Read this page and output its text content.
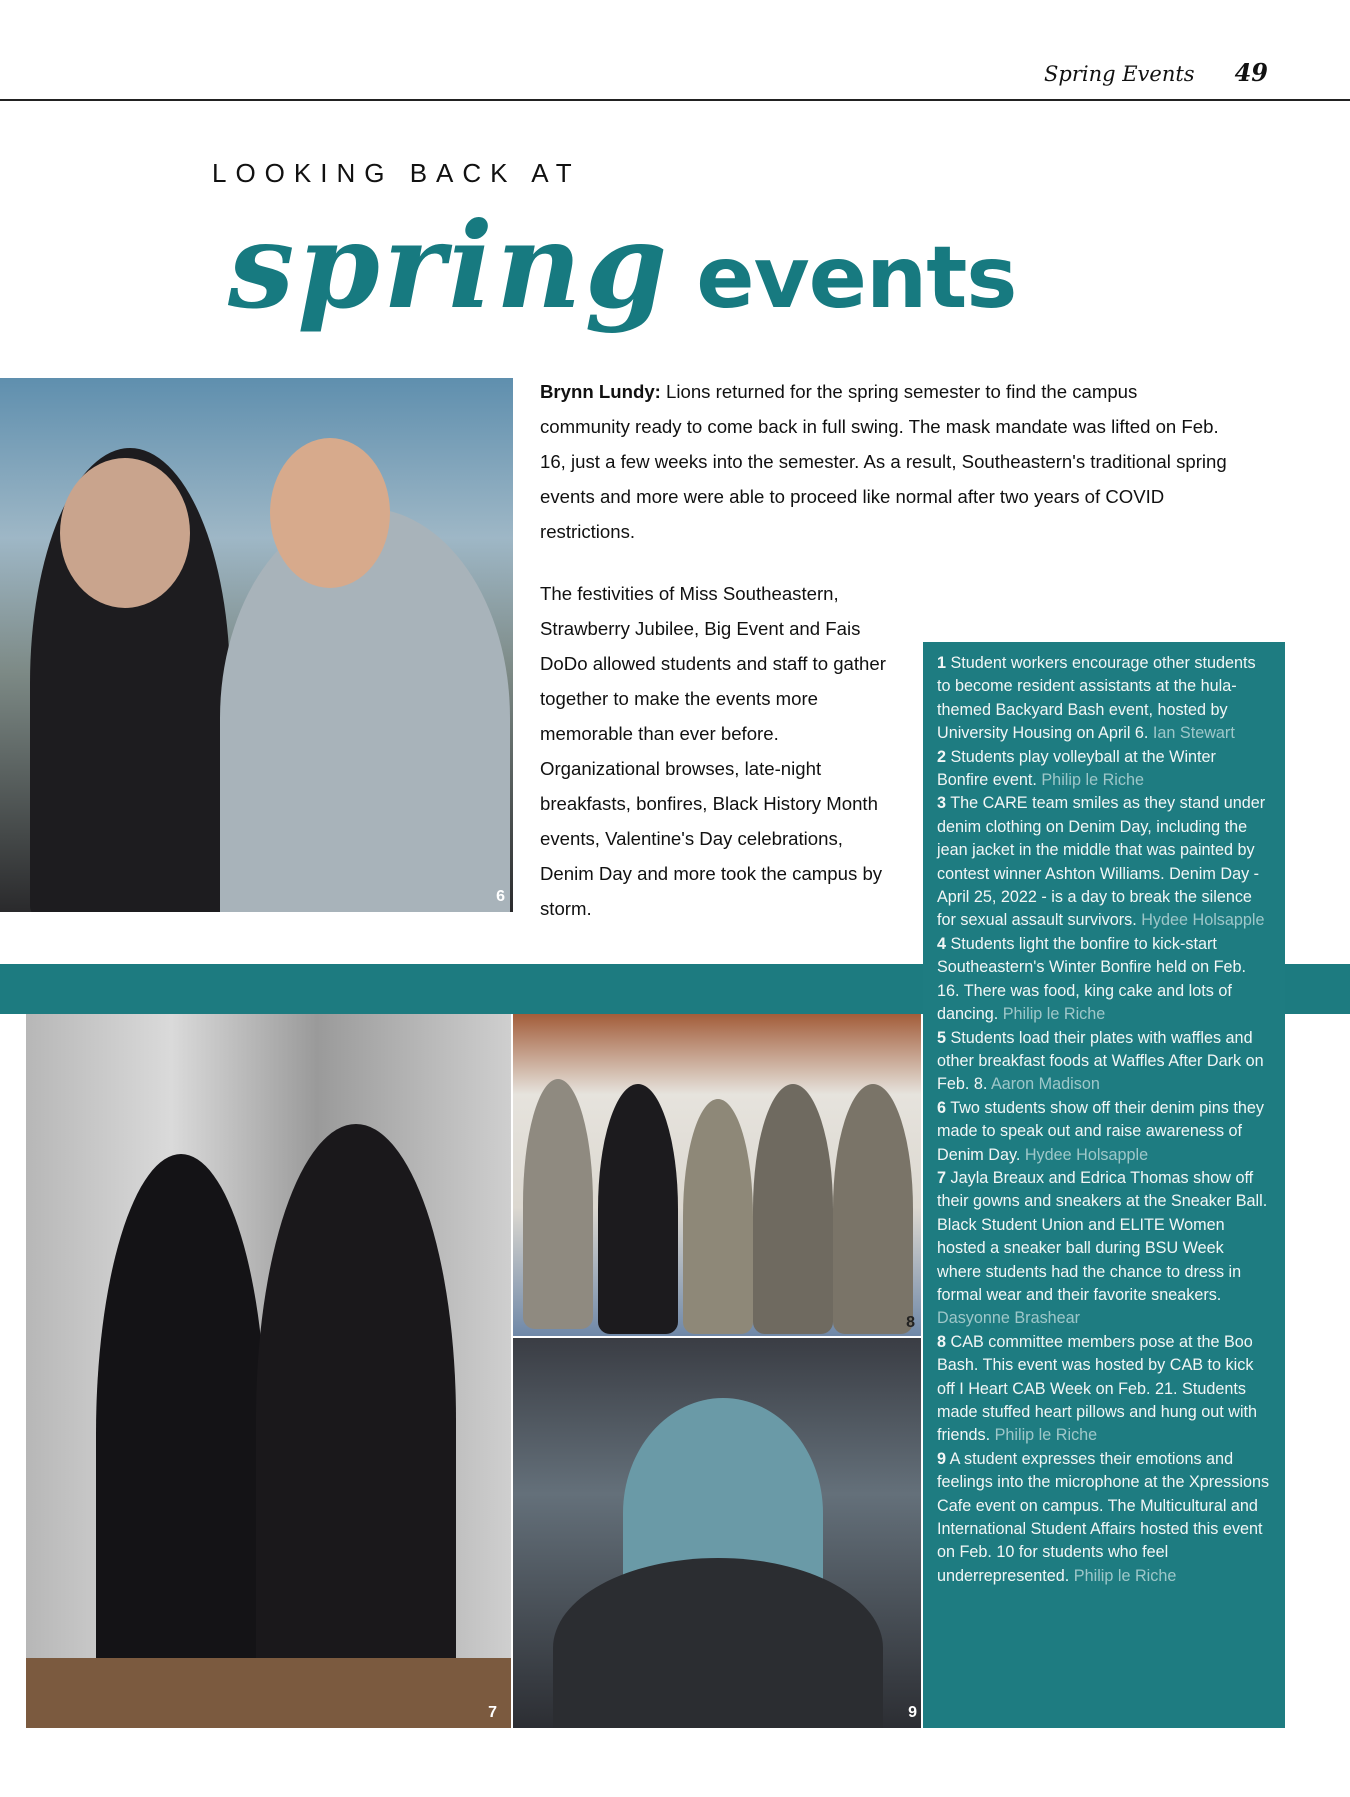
Spring Events 49
LOOKING BACK AT
spring events
6
Brynn Lundy: Lions returned for the spring semester to find the campus community ready to come back in full swing. The mask mandate was lifted on Feb. 16, just a few weeks into the semester. As a result, Southeastern's traditional spring events and more were able to proceed like normal after two years of COVID restrictions.
The festivities of Miss Southeastern, Strawberry Jubilee, Big Event and Fais DoDo allowed students and staff to gather together to make the events more memorable than ever before. Organizational browses, late-night breakfasts, bonfires, Black History Month events, Valentine's Day celebrations, Denim Day and more took the campus by storm.
7
8
9

1 Student workers encourage other students to become resident assistants at the hula-themed Backyard Bash event, hosted by University Housing on April 6. Ian Stewart

2 Students play volleyball at the Winter Bonfire event. Philip le Riche

3 The CARE team smiles as they stand under denim clothing on Denim Day, including the jean jacket in the middle that was painted by contest winner Ashton Williams. Denim Day - April 25, 2022 - is a day to break the silence for sexual assault survivors. Hydee Holsapple

4 Students light the bonfire to kick-start Southeastern's Winter Bonfire held on Feb. 16. There was food, king cake and lots of dancing. Philip le Riche

5 Students load their plates with waffles and other breakfast foods at Waffles After Dark on Feb. 8. Aaron Madison

6 Two students show off their denim pins they made to speak out and raise awareness of Denim Day. Hydee Holsapple

7 Jayla Breaux and Edrica Thomas show off their gowns and sneakers at the Sneaker Ball. Black Student Union and ELITE Women hosted a sneaker ball during BSU Week where students had the chance to dress in formal wear and their favorite sneakers. Dasyonne Brashear

8 CAB committee members pose at the Boo Bash. This event was hosted by CAB to kick off I Heart CAB Week on Feb. 21. Students made stuffed heart pillows and hung out with friends. Philip le Riche

9 A student expresses their emotions and feelings into the microphone at the Xpressions Cafe event on campus. The Multicultural and International Student Affairs hosted this event on Feb. 10 for students who feel underrepresented. Philip le Riche
